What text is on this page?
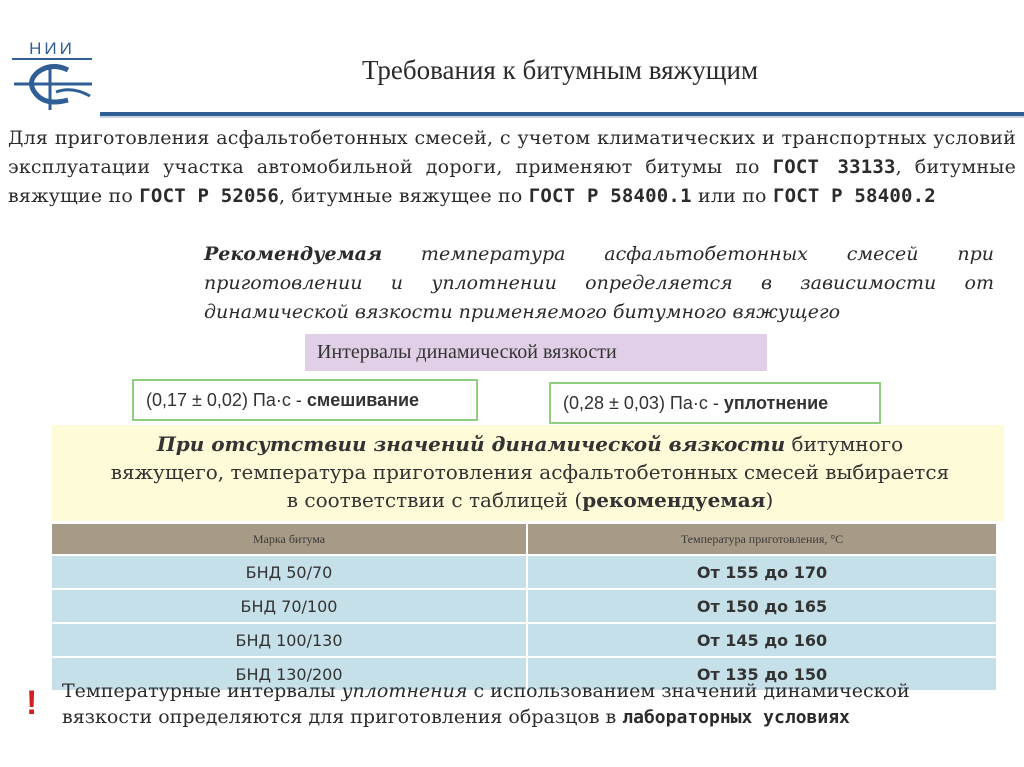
НИИ
Требования к битумным вяжущим
Для приготовления асфальтобетонных смесей, с учетом климатических и транспортных условий эксплуатации участка автомобильной дороги, применяют битумы по ГОСТ 33133, битумные вяжущие по ГОСТ Р 52056, битумные вяжущее по ГОСТ Р 58400.1 или по ГОСТ Р 58400.2
Рекомендуемая температура асфальтобетонных смесей при приготовлении и уплотнении определяется в зависимости от динамической вязкости применяемого битумного вяжущего
Интервалы динамической вязкости
(0,17 ± 0,02) Па·с - смешивание	(0,28 ± 0,03) Па·с - уплотнение
При отсутствии значений динамической вязкости битумного вяжущего, температура приготовления асфальтобетонных смесей выбирается в соответствии с таблицей (рекомендуемая)
Марка битума	Температура приготовления, °С
БНД 50/70	От 155 до 170
БНД 70/100	От 150 до 165
БНД 100/130	От 145 до 160
БНД 130/200	От 135 до 150
! Температурные интервалы уплотнения с использованием значений динамической вязкости определяются для приготовления образцов в лабораторных условиях
